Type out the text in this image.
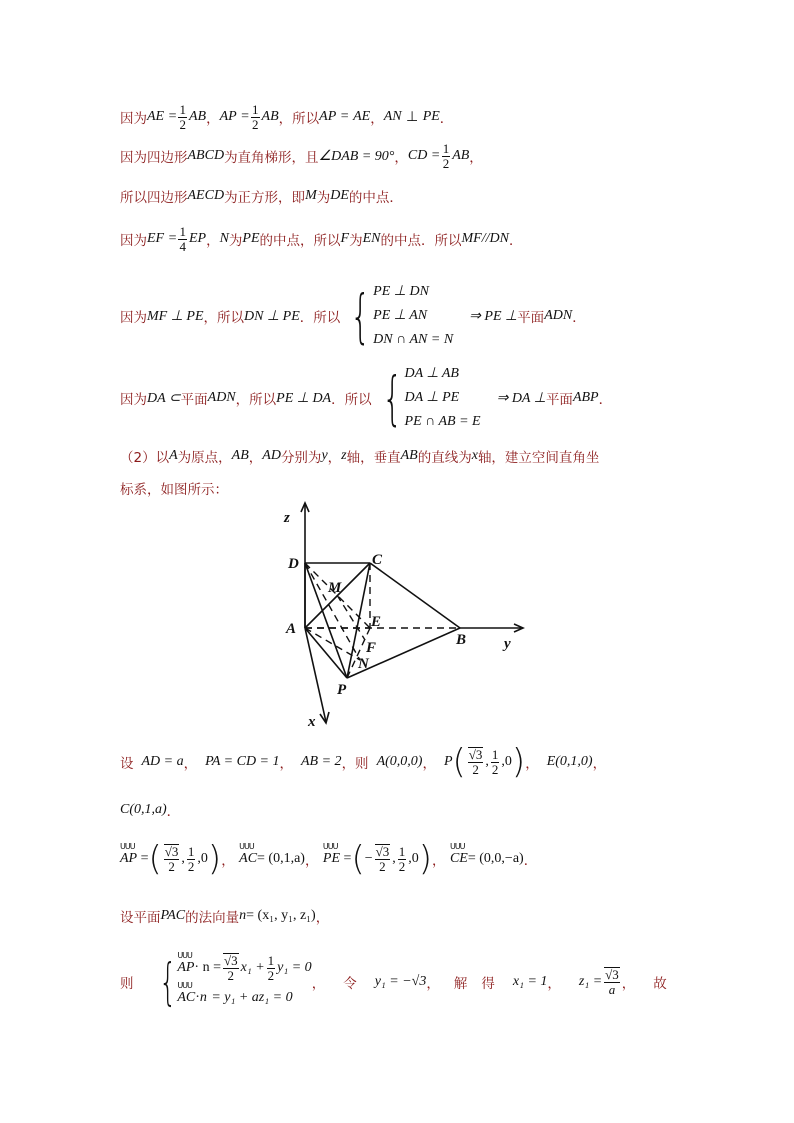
因为 AE
= $\frac{1}{2}$ AB ， AP
= $\frac{1}{2}$ AB ，所以 AP
=
AE ， AN
⊥
PE ．
因为四边形 ABCD 为直角梯形，且 ∠DAB = 90° ， CD
= $\frac{1}{2}$ AB ，
所以四边形 AECD 为正方形，即 M 为 DE 的中点．
因为 EF
= $\frac{1}{4}$ EP ， N 为 PE 的中点，所以 F 为 EN 的中点．所以 MF//DN ．
因为 MF ⊥ PE ，所以 DN ⊥ PE ．所以 { PE ⊥ DN
PE ⊥ AN
DN ∩ AN = N
⇒ PE ⊥ 平面 ADN ．
因为 DA ⊂ 平面 ADN ，所以 PE ⊥ DA ．所以 { DA ⊥ AB
DA ⊥ PE
PE ∩ AB = E
⇒ DA ⊥ 平面 ABP ．
（2）以 A 为原点， AB ， AD 分别为 y ， z 轴，垂直 AB 的直线为 x 轴，建立空间直角坐
标系，如图所示：
z
D	C
M
A	E
B	y
F
N
P
x
设 AD = a ， PA = CD = 1 ， AB = 2 ，则 A(0,0,0) ， P ( $\frac{√3}{2}$ , $\frac{1}{2}$ , 0 ) ， E(0,1,0) ，
C(0,1,a) ．
UUU
AP = ( $\frac{√3}{2}$ , $\frac{1}{2}$ , 0 ) ，

UUU
AC = (0,1,a) ，

UUU
PE = ( − $\frac{√3}{2}$ , $\frac{1}{2}$ , 0 ) ，

UUU
CE = (0,0,−a) ．
设平面 PAC 的法向量 n = (x₁, y₁, z₁) ，
则 { UUU
AP · $n = \frac{√3}{2} x_1 + \frac{1}{2} y_1 = 0$
UUU
AC · n
= y₁ + az₁ = 0
， 令 y₁ = −√3 ， 解 得 x₁ = 1 ， $z_1 = \frac{√3}{a}$ ， 故
